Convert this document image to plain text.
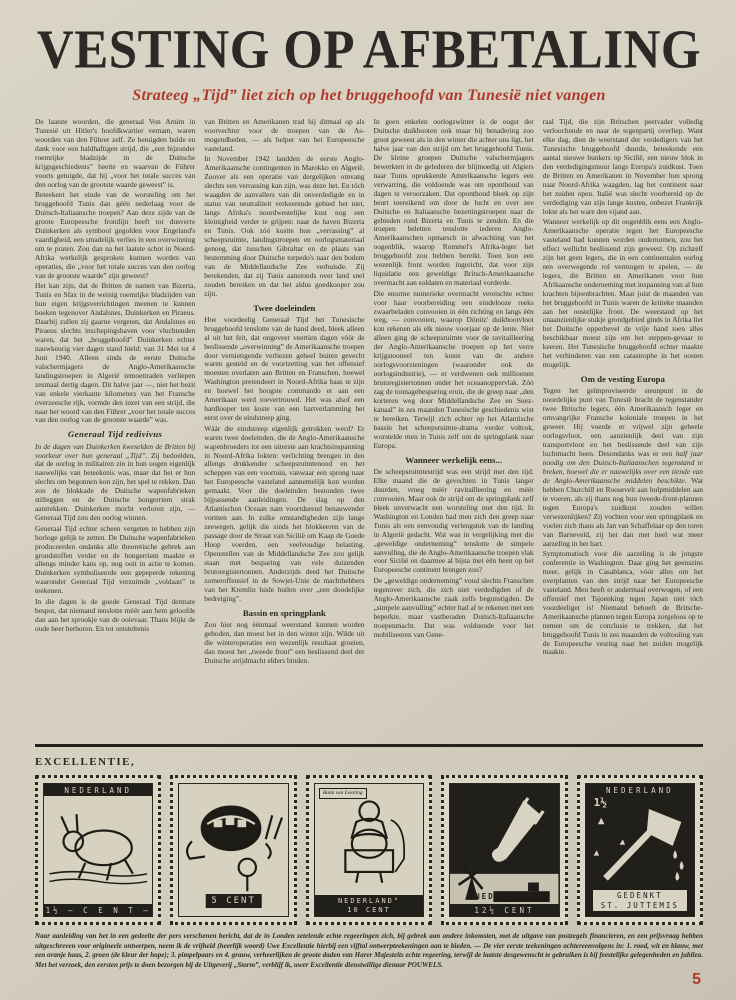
VESTING OP AFBETALING
Strateeg „Tijd” liet zich op het bruggehoofd van Tunesië niet vangen

De laatste woorden, die generaal Von Arnim in Tunesië uit Hitler's hoofdkwartier vernam, waren woorden van den Führer zelf. Ze betuigden hulde en dank voor een haldhaftigen strijd, die „een bijzonder roemrijke bladzijde in de Duitsche krijgsgeschiedenis” heette en waarvan de Führer voorts getuigde, dat hij „voor het totale succes van den oorlog van de grootste waarde geweest” is.

Beteekent het einde van de worsteling om het bruggehoofd Tunis dan géén nederlaag voor de Duitsch-Italiaansche troepen? Aan deze zijde van de groote Europeesche frontlijn heeft tot dusverre Duinkerken als symbool gegolden voor Engeland's vaardigheid, een smadelijk verlies in een overwinning om te praten. Zou dan na het laatste schot in Noord-Afrika werkelijk gesproken kunnen worden van operaties, die „voor het totale succes van den oorlog van de grootste waarde” zijn geweest?

Het kan zijn, dat de Britten de namen van Bizerta, Tunis en Sfax in de weinig roemrijke bladzijden van hun eigen krijgsverrichtingen meenen te kunnen boeken tegenover Andalsnes, Duinkerken en Piraeus. Daarbij zullen zij gaarne vergeten, dat Andalsnes en Piraeus slechts inschepingshaven voor vluchtenden waren, dat het „bruggehoofd” Duinkerken echter nauwkeurig vier dagen stand hield: van 31 Mei tot 4 Juni 1940. Alleen sinds de eerste Duitsche valschermjagers de Anglo-Amerikaansche landingstroepen in Algerië temoettraden verliepen zesmaal dertig dagen. Dit halve jaar —, niet het bezit van enkele vierkante kilometers van het Fransche overzeesche rijk, vormde den inzet van een strijd, die naar het woord van den Führer „voor het totale succes van den oorlog van de grootste waarde” was.

Generaal Tijd redivivus

In de dagen van Duinkerken kweselden de Britten bij voorkeur over hun generaal „Tijd”. Zij bedoelden, dat de oorlog in militairen zin in hun oogen eigenlijk nauwelijks van beteekenis was, maar dat het er hun slechts om begonnen kon zijn, het spel te rekken. Dan zou de blokkade de Duitsche wapenfabrieken stilleggen en de Duitsche hongerriem strak aantrekken. Duinkerken mocht verloren zijn, — Generaal Tijd zou den oorlog winnen.

Generaal Tijd echter scheen vergeten te hebben zijn horloge gelijk te zetten. De Duitsche wapenfabrieken produceerden ondanks alle theoretische gebrek aan grondstoffen verder en de hongerriem maakte er allengs minder kans op, nog ooit in actie te komen. Duinkerken symboliseerde een gepeperde rekening waaronder Generaal Tijd verzuimde „voldaan” te teekenen.

In die dagen is de goede Generaal Tijd dermate bespot, dat niemand tenslotte méér aan hem geloofde dan aan het sprookje van de ooievaar. Thans blijkt de oude heer herboren. En tot ontsteltenis

van Britten en Amerikanen trad hij ditmaal op als voorvechter voor de troepen van de As-mogendheden, — als helper van het Europeesche vasteland.

In November 1942 landden de eerste Anglo-Amerikaansche contingenten in Marokko en Algerië. Zoover als een operatie van dergelijken omvang slechts een verrassing kan zijn, was deze het. En tóch waagden de aanvallers van dit onverdedigde en in status van neutraliteit verkeerende gebied het niet, langs Afrika's noordwestelijke kust nog een kleinigheid verder te grijpen: naar de haven Bizerta en Tunis. Ook zóó kostte hun „verrassing” al scheepsruimte, landingstroepen en oorlogsmateriaal genoeg, dat tusschen Gibraltar en de plaats van bestemming door Duitsche torpedo's naar den bodem van de Middellandsche Zee verhuisde. Zij berekenden, dat zij Tunis aanstonds over land snel zouden bereiken en dat het aldus goedkooper zou zijn.

Twee doeleinden

Hoe voordeelig Generaal Tijd het Tunesische bruggehoofd tenslotte van de hand deed, bleek alleen al uit het feit, dat ongeveer veertien dagen vóór de beslissende „overwinning” de Amerikaansche troepen door vernietigende verliezen geheel buiten gevecht waren gesteld en de voortzetting van het offensief moesten overlaten aan Britten en Franschen, hoewel Washington pretendeert in Noord-Afrika baas te zijn en hoewel het hoogste commando er aan een Amerikaan werd toevertrouwd. Het was alsof een hardlooper ten koste van een hartverlamming het eerst over de eindstreep ging.

Wáár die eindstreep eigenlijk getrokken werd? Er waren twee doeleinden, die de Anglo-Amerikaansche wapenbroeders tot een uiterste aan krachtsinspanning in Noord-Afrika lokten: verlichting brengen in den allengs drukkender scheepsruimtenood en het scheppen van een voortuin, vanwaar een sprong naar het Europeesche vasteland aannemelijk kon worden gemaakt. Voor die doeleinden bestonden twee bijpassende aanleidingen. De slag op den Atlantischen Oceaan nam voortdurend benauwender vormen aan. In zulke omstandigheden zijn lange zeewegen, gelijk die sinds het blokkeeren van de passage door de Straat van Sicilië om Kaap de Goede Hoop voerden, een veelvoudige belasting. Openstellen van de Middellandsche Zee zou gelijk staan met besparing van vele duizenden brutoregistertonnen. Anderzijds deed het Duitsche zomeroffensief in de Sowjet-Unie de machthebbers van het Kremlin luide huilen over „een doodelijke bedreiging”.

Bassin en springplank

Zou hier nog éénmaal weerstand kunnen worden geboden, dan moest het in den winter zijn. Wilde uit die winteroperaties een wezenlijk resultaat groeien, dan moest het „tweede front” een beslissend deel der Duitsche strijdmacht elders binden.

In geen enkelen oorlogswinter is de oogst der Duitsche duikbooten ook maar bij benadering zoo groot geweest als in den winter die achter ons ligt, het halve jaar van den strijd om het bruggehoofd Tunis. De kleine groepen Duitsche valschermjagers bewerkten in de gelederen der blijmoedig uit Algiers naar Tunis oprukkende Amerikaansche legers een verwarring, die voldoende was om oponthoud van dagen te veroorzaken. Dat oponthoud bleek op zijn beurt toereikend om door de lucht en over zee Duitsche en Italiaansche bezettingstroepen naar de gebieden rond Bizerta en Tunis te zenden. En die troepen beletten tenslotte iederen Anglo-Amerikaanschen opmarsch in afwachting van het oogenblik, waarop Rommel's Afrika-leger het bruggehoofd zou hebben bereikt. Toen kon een wezenlijk front worden ingericht, dat voor zijn liquidatie een geweldige Britsch-Amerikaansche overmacht aan soldaten en materiaal vorderde.

Die enorme numerieke overmacht vereischte echter voor haar voorbereiding een eindelooze reeks zwaarbeladen convooien in één richting en langs één weg, — convooien, waarop Dönitz' duikbootvloot kon rekenen als elk nieuw voorjaar op de lente. Niet alleen ging de scheepsruimte voor de ravitailleering der Anglo-Amerikaansche troepen op het verre krijgstooneel ten koste van de andere oorlogsvoorzieningen (waaronder ook de oorlogsindustrie), — er verdwenen ook millioenen brutoregistertonnen onder het oceaanoppervlak. Zóó zag de tonnagebesparing eruit, die de greep naar „den korteren weg door Middellandsche Zee en Suez-kanaal” in zes maanden Tunesische geschiedenis wist te bereiken. Terwijl zich echter op het Atlantische bassin het scheepsruimte-drama verder voltrok, worstelde men in Tunis zelf om de springplank naar Europa.

Wanneer werkelijk eens...

De scheepsruimtestrijd was een strijd met den tijd. Elke maand die de gevechten in Tunis langer duurden, vroeg méér ravitailleering en méér convooien. Maar ook de strijd om de springplank zelf bleek onverwacht een worsteling met den tijd. In Washington en Londen had men zich den greep naar Tunis als een eenvoudig verlengstuk van de landing in Algerië gedacht. Wat was in vergelijking met die „geweldige onderneming” tenslotte de simpele aanvulling, die de Anglo-Amerikaansche troepen vlak voor Sicilië en daarmee al bijna met één been op het Europeesche continent brengen zou?

De „geweldige onderneming” vond slechts Franschen tegenover zich, die zich niet verdedigden of de Anglo-Amerikaansche zaak zelfs begunstigden. De „simpele aanvulling” echter had af te rekenen met een beperkte, maar vastberaden Duitsch-Italiaansche troepenmacht. Dat was voldoende voor het mobiliseeren van Gene-

raal Tijd, die zijn Britschen peetvader volledig verloochende en naar de tegenpartij overliep. Want elke dag, dien de weerstand der verdedigers van het Tunesische bruggehoofd duurde, beteekende een aantal nieuwe bunkers op Sicilië, een nieuw blok in den verdedigingsmuur langs Europa's zuidkust. Toen de Britten en Amerikanen in November hun sprong naar Noord-Afrika waagden, lag het continent naar het zuiden open. Italië was slecht voorbereid op de verdediging van zijn lange kusten, onbezet Frankrijk lokte als het ware den vijand aan.

Wanneer werkelijk op dit oogenblik eens een Anglo-Amerikaansche operatie tegen het Europeesche vasteland had kunnen worden ondernomen, zou het effect wellicht beslissend zijn geweest. Op zichzelf zijn het geen legers, die in een continentalen oorlog een overwegende rol vermogen te spelen, — de legers, die Britten en Amerikanen voor hun Afrikaansche onderneming met inspanning van al hun krachten bijeenbrachten. Maar juist de maanden van het bruggehoofd in Tunis waren de kritieke maanden aan het oostelijke front. De weerstand op het onaanzienlijke stukje grondgebied ginds in Afrika liet het Duitsche opperbevel de vrije hand toen alles beschikbaar moest zijn om het steppen-gevaar te keeren. Het Tunesische bruggehoofd echter maakte het verhinderen van een catastrophe in het oosten mogelijk.

Om de vesting Europa

Tegen het geïmproviseerde steunpunt in de noordelijke punt van Tunesië bracht de tegenstander twee Britsche legers, één Amerikaansch leger en omvangrijke Fransche koloniale troepen in het geweer. Hij voerde er vrijwel zijn geheele oorlogsvloot, een aanzienlijk deel van zijn transportvloot en het beslissende deel van zijn luchtmacht heen. Desondanks was er een half jaar noodig om den Duitsch-Italiaanschen tegenstand te breken, hoewel die er nauwelijks over een tiende van de Anglo-Amerikaansche middelen beschikte. Wat hebben Churchill en Roosevelt aan hulpmiddelen aan te voeren, als zij thans nog hun tweede-front-plannen tegen Europa's zuidkust zouden willen verwezenlijken? Zij vochten voor een springplank en voelen zich thans als Jan van Schaffelaar op den toren van Barneveld, zij het dan met heel wat meer aarzeling in het hart.

Symptomatisch voor die aarzeling is de jongste conferentie in Washington. Daar ging het geenszins meer, gelijk in Casablanca, vóór alles om het overplanten van den strijd naar het Europeesche vasteland. Men heeft er andermaal overwogen, of een offensief met Tsjoenking tegen Japan niet tóch voordeeliger is! Niemand behoeft de Britsche-Amerikaansche plannen tegen Europa zorgeloos op te nemen om de conclusie te trekken, dat het bruggehoofd Tunis in zes maanden de voltooiing van de Europeesche vesting naar het zuiden mogelijk maakte.

EXCELLENTIE,
NEDERLAND
1½ — C E N T —
5 CENT
Bank van Leening
NEDERLAND°
10 CENT
NEDERLAND
12½ CENT
NEDERLAND
1½
GEDENKT
ST. JUTTEMIS

Naar aanleiding van het in een gedeelte der pers verschenen bericht, dat de in Londen zetelende echte regeeringen zich, bij gebrek aan andere inkomsten, met de uitgave van postzegels financieren, en een prijsvraag hebben uitgeschreven voor origineele ontwerpen, neem ik de vrijheid (heerlijk woord) Uwe Excellentie hierbij een vijftal ontwerpteekeningen aan te bieden. — De vier eerste teekeningen achtereenvolgens in: 1. rood, wit en blauw, met een oranje haas, 2. groen (de kleur der hope); 3. pimpelpaars en 4. grauw, verheerlijken de groote daden van Harer Majesteits echte regeering, terwijl de laatste desgewenscht te gebruiken is bij feestelijke gelegenheden en jubilea. Met het verzoek, den eersten prijs te doen bezorgen bij de Uitgeverij „Storm”, verblijf ik, uwer Excellentie dienstwillige dienaar POUWELS.

5
